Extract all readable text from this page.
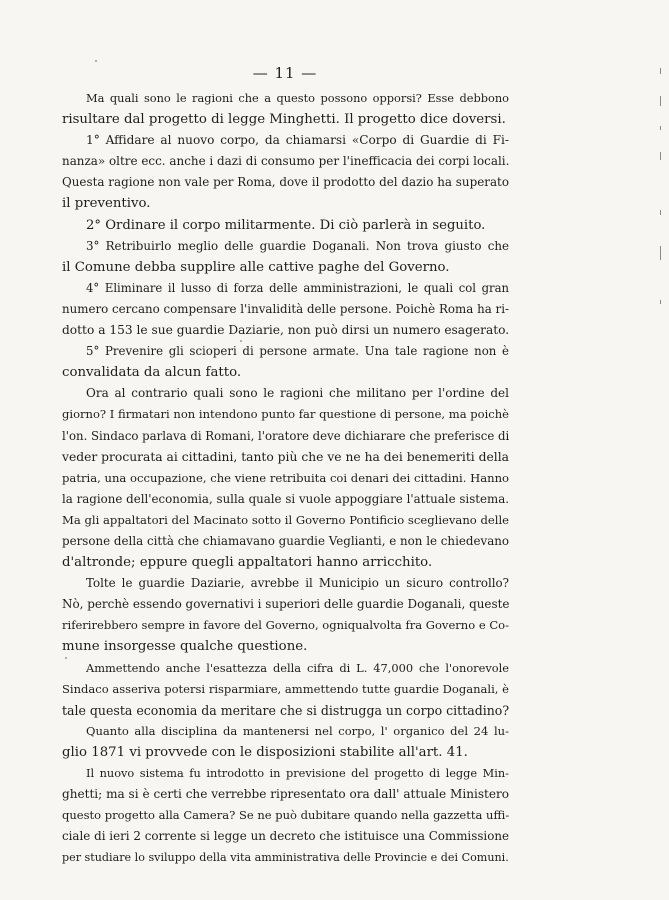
— 11 —
Ma quali sono le ragioni che a questo possono opporsi? Esse debbono
risultare dal progetto di legge Minghetti. Il progetto dice doversi.
1° Affidare al nuovo corpo, da chiamarsi «Corpo di Guardie di Fi-
nanza» oltre ecc. anche i dazi di consumo per l'inefficacia dei corpi locali.
Questa ragione non vale per Roma, dove il prodotto del dazio ha superato
il preventivo.
2° Ordinare il corpo militarmente. Di ciò parlerà in seguito.
3° Retribuirlo meglio delle guardie Doganali. Non trova giusto che
il Comune debba supplire alle cattive paghe del Governo.
4° Eliminare il lusso di forza delle amministrazioni, le quali col gran
numero cercano compensare l'invalidità delle persone. Poichè Roma ha ri-
dotto a 153 le sue guardie Daziarie, non può dirsi un numero esagerato.
5° Prevenire gli scioperi di persone armate. Una tale ragione non è
convalidata da alcun fatto.
Ora al contrario quali sono le ragioni che militano per l'ordine del
giorno? I firmatari non intendono punto far questione di persone, ma poichè
l'on. Sindaco parlava di Romani, l'oratore deve dichiarare che preferisce di
veder procurata ai cittadini, tanto più che ve ne ha dei benemeriti della
patria, una occupazione, che viene retribuita coi denari dei cittadini. Hanno
la ragione dell'economia, sulla quale si vuole appoggiare l'attuale sistema.
Ma gli appaltatori del Macinato sotto il Governo Pontificio sceglievano delle
persone della città che chiamavano guardie Veglianti, e non le chiedevano
d'altronde; eppure quegli appaltatori hanno arricchito.
Tolte le guardie Daziarie, avrebbe il Municipio un sicuro controllo?
Nò, perchè essendo governativi i superiori delle guardie Doganali, queste
riferirebbero sempre in favore del Governo, ogniqualvolta fra Governo e Co-
mune insorgesse qualche questione.
Ammettendo anche l'esattezza della cifra di L. 47,000 che l'onorevole
Sindaco asseriva potersi risparmiare, ammettendo tutte guardie Doganali, è
tale questa economia da meritare che si distrugga un corpo cittadino?
Quanto alla disciplina da mantenersi nel corpo, l' organico del 24 lu-
glio 1871 vi provvede con le disposizioni stabilite all'art. 41.
Il nuovo sistema fu introdotto in previsione del progetto di legge Min-
ghetti; ma si è certi che verrebbe ripresentato ora dall' attuale Ministero
questo progetto alla Camera? Se ne può dubitare quando nella gazzetta uffi-
ciale di ieri 2 corrente si legge un decreto che istituisce una Commissione
per studiare lo sviluppo della vita amministrativa delle Provincie e dei Comuni.
